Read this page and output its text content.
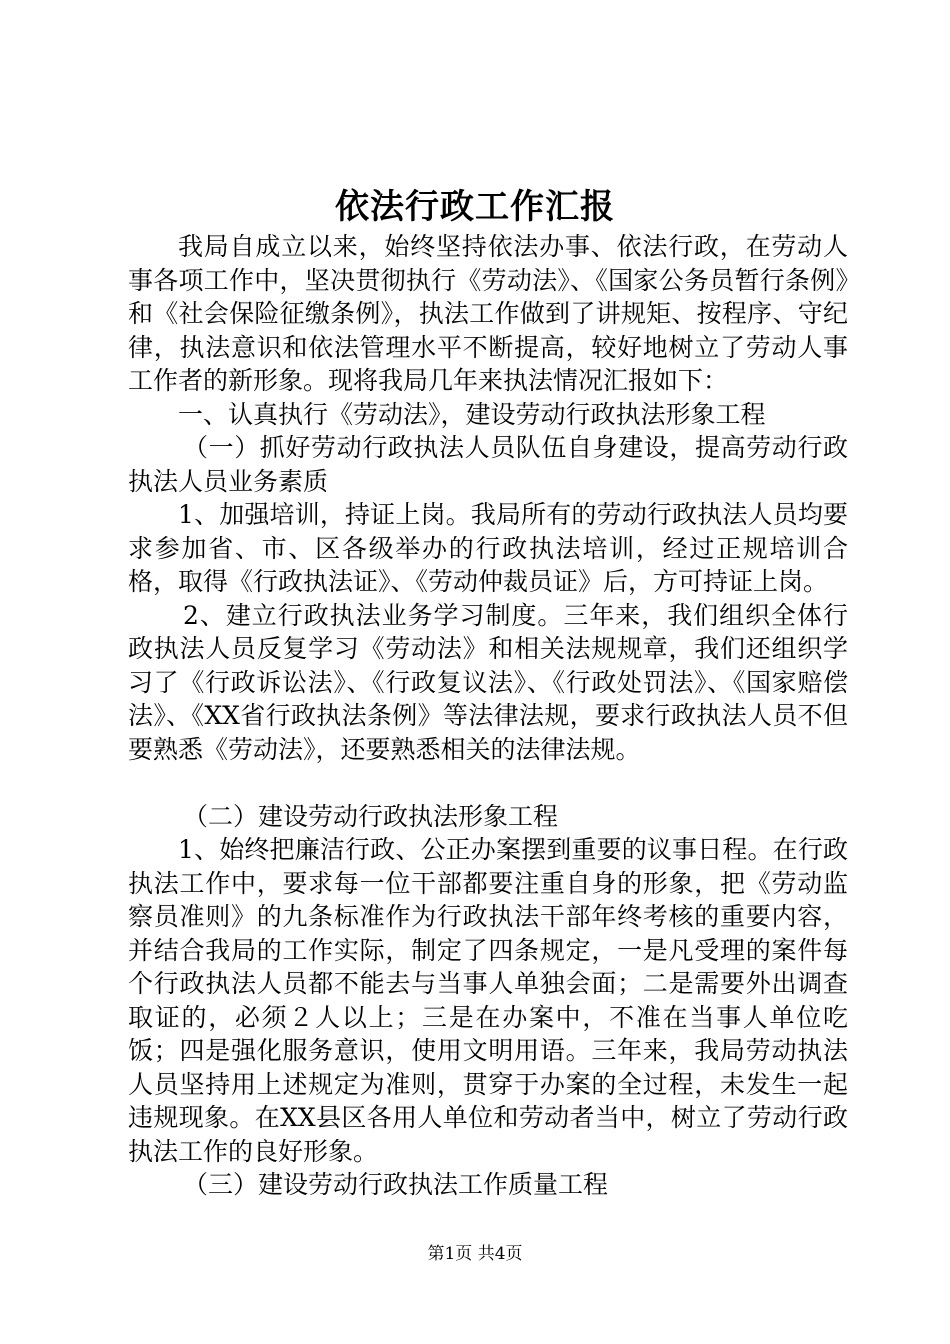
依法行政工作汇报

我局自成立以来，始终坚持依法办事、依法行政，在劳动人事各项工作中，坚决贯彻执行《劳动法》、《国家公务员暂行条例》和《社会保险征缴条例》，执法工作做到了讲规矩、按程序、守纪律，执法意识和依法管理水平不断提高，较好地树立了劳动人事工作者的新形象。现将我局几年来执法情况汇报如下：

一、认真执行《劳动法》，建设劳动行政执法形象工程

（一）抓好劳动行政执法人员队伍自身建设，提高劳动行政执法人员业务素质

1、加强培训，持证上岗。我局所有的劳动行政执法人员均要求参加省、市、区各级举办的行政执法培训，经过正规培训合格，取得《行政执法证》、《劳动仲裁员证》后，方可持证上岗。

2、建立行政执法业务学习制度。三年来，我们组织全体行政执法人员反复学习《劳动法》和相关法规规章，我们还组织学习了《行政诉讼法》、《行政复议法》、《行政处罚法》、《国家赔偿法》、《XX省行政执法条例》等法律法规，要求行政执法人员不但要熟悉《劳动法》，还要熟悉相关的法律法规。

（二）建设劳动行政执法形象工程

1、始终把廉洁行政、公正办案摆到重要的议事日程。在行政执法工作中，要求每一位干部都要注重自身的形象，把《劳动监察员准则》的九条标准作为行政执法干部年终考核的重要内容，并结合我局的工作实际，制定了四条规定，一是凡受理的案件每个行政执法人员都不能去与当事人单独会面；二是需要外出调查取证的，必须２人以上；三是在办案中，不准在当事人单位吃饭；四是强化服务意识，使用文明用语。三年来，我局劳动执法人员坚持用上述规定为准则，贯穿于办案的全过程，未发生一起违规现象。在XX县区各用人单位和劳动者当中，树立了劳动行政执法工作的良好形象。

（三）建设劳动行政执法工作质量工程

第1页 共4页
